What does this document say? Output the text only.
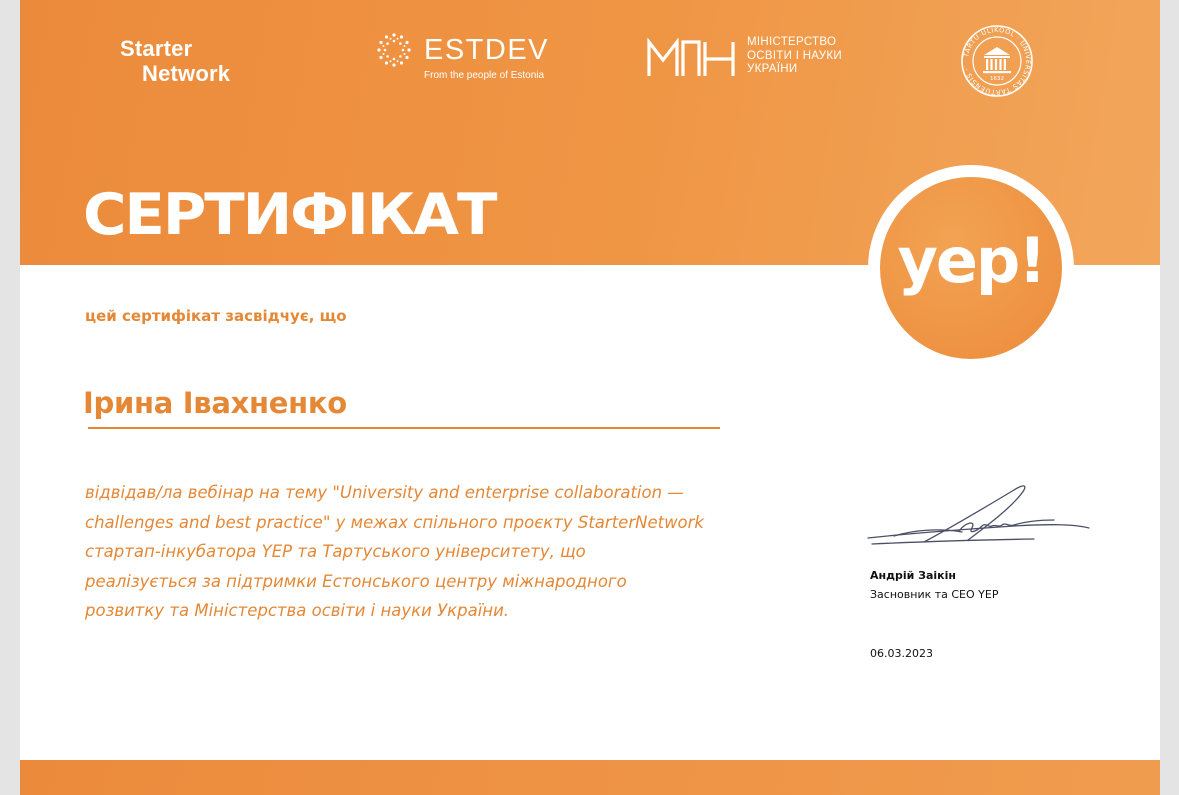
Starter
Network
ESTDEV
From the people of Estonia
МІНІСТЕРСТВО
ОСВІТИ І НАУКИ
УКРАЇНИ
TARTU ÜLIKOOL · UNIVERSITAS TARTUENSIS ·
1632
СЕРТИФІКАТ
yep!
цей сертифікат засвідчує, що
Ірина Івахненко
відвідав/ла вебінар на тему "University and enterprise collaboration —
challenges and best practice" у межах спільного проєкту StarterNetwork
стартап-інкубатора YEP та Тартуського університету, що
реалізується за підтримки Естонського центру міжнародного
розвитку та Міністерства освіти і науки України.
Андрій Заікін
Засновник та CEO YEP
06.03.2023
